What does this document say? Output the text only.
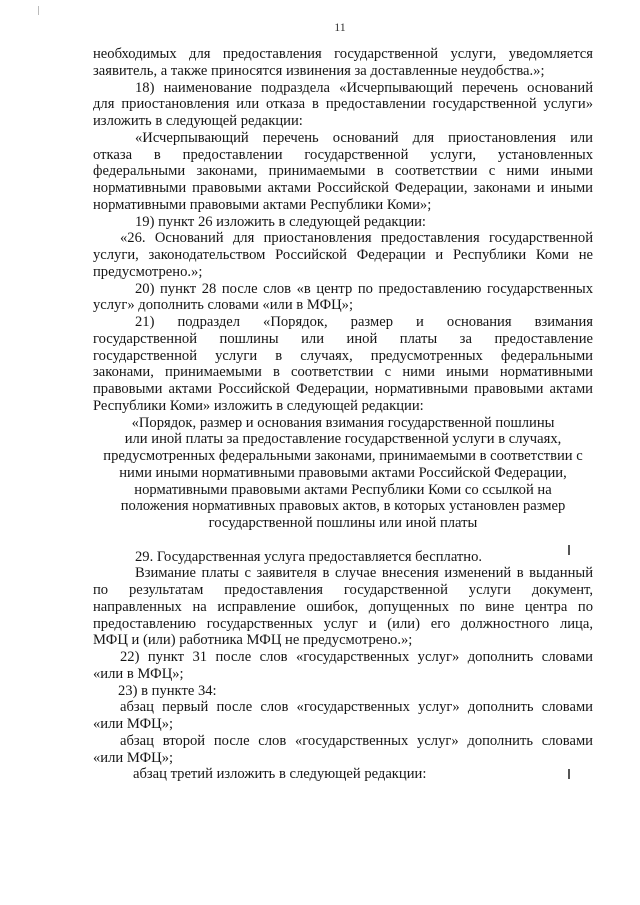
11
необходимых для предоставления государственной услуги, уведомляется
заявитель, а также приносятся извинения за доставленные неудобства.»;
18) наименование подраздела «Исчерпывающий перечень оснований
для приостановления или отказа в предоставлении государственной услуги»
изложить в следующей редакции:
«Исчерпывающий перечень оснований для приостановления или
отказа в предоставлении государственной услуги, установленных
федеральными законами, принимаемыми в соответствии с ними иными
нормативными правовыми актами Российской Федерации, законами и иными
нормативными правовыми актами Республики Коми»;
19) пункт 26 изложить в следующей редакции:
«26. Оснований для приостановления предоставления государственной
услуги, законодательством Российской Федерации и Республики Коми не
предусмотрено.»;
20) пункт 28 после слов «в центр по предоставлению государственных
услуг» дополнить словами «или в МФЦ»;
21) подраздел «Порядок, размер и основания взимания
государственной пошлины или иной платы за предоставление
государственной услуги в случаях, предусмотренных федеральными
законами, принимаемыми в соответствии с ними иными нормативными
правовыми актами Российской Федерации, нормативными правовыми актами
Республики Коми» изложить в следующей редакции:
«Порядок, размер и основания взимания государственной пошлины
или иной платы за предоставление государственной услуги в случаях,
предусмотренных федеральными законами, принимаемыми в соответствии с
ними иными нормативными правовыми актами Российской Федерации,
нормативными правовыми актами Республики Коми со ссылкой на
положения нормативных правовых актов, в которых установлен размер
государственной пошлины или иной платы
29. Государственная услуга предоставляется бесплатно.
Взимание платы с заявителя в случае внесения изменений в выданный
по результатам предоставления государственной услуги документ,
направленных на исправление ошибок, допущенных по вине центра по
предоставлению государственных услуг и (или) его должностного лица,
МФЦ и (или) работника МФЦ не предусмотрено.»;
22) пункт 31 после слов «государственных услуг» дополнить словами
«или в МФЦ»;
23) в пункте 34:
абзац первый после слов «государственных услуг» дополнить словами
«или МФЦ»;
абзац второй после слов «государственных услуг» дополнить словами
«или МФЦ»;
абзац третий изложить в следующей редакции:
